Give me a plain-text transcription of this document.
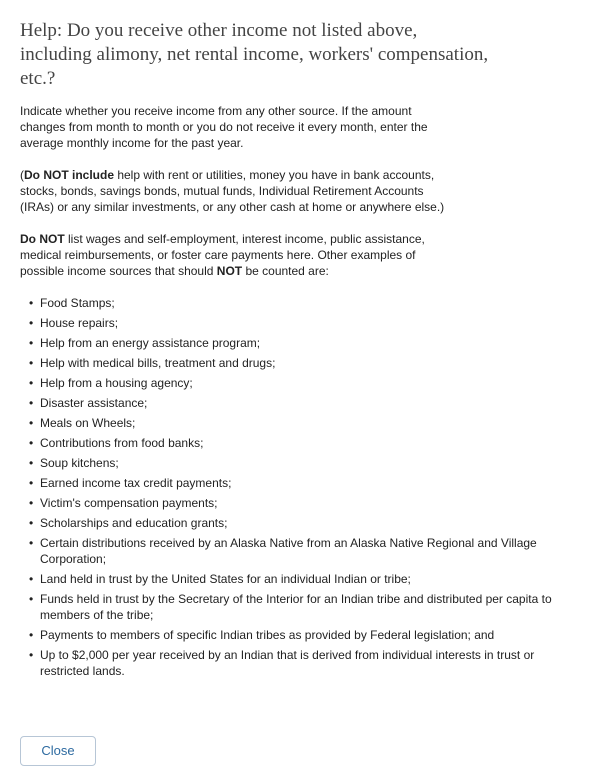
Help: Do you receive other income not listed above, including alimony, net rental income, workers' compensation, etc.?

Indicate whether you receive income from any other source. If the amount changes from month to month or you do not receive it every month, enter the average monthly income for the past year.

(Do NOT include help with rent or utilities, money you have in bank accounts, stocks, bonds, savings bonds, mutual funds, Individual Retirement Accounts (IRAs) or any similar investments, or any other cash at home or anywhere else.)

Do NOT list wages and self-employment, interest income, public assistance, medical reimbursements, or foster care payments here. Other examples of possible income sources that should NOT be counted are:

• Food Stamps;
• House repairs;
• Help from an energy assistance program;
• Help with medical bills, treatment and drugs;
• Help from a housing agency;
• Disaster assistance;
• Meals on Wheels;
• Contributions from food banks;
• Soup kitchens;
• Earned income tax credit payments;
• Victim's compensation payments;
• Scholarships and education grants;
• Certain distributions received by an Alaska Native from an Alaska Native Regional and Village Corporation;
• Land held in trust by the United States for an individual Indian or tribe;
• Funds held in trust by the Secretary of the Interior for an Indian tribe and distributed per capita to members of the tribe;
• Payments to members of specific Indian tribes as provided by Federal legislation; and
• Up to $2,000 per year received by an Indian that is derived from individual interests in trust or restricted lands.
Close
